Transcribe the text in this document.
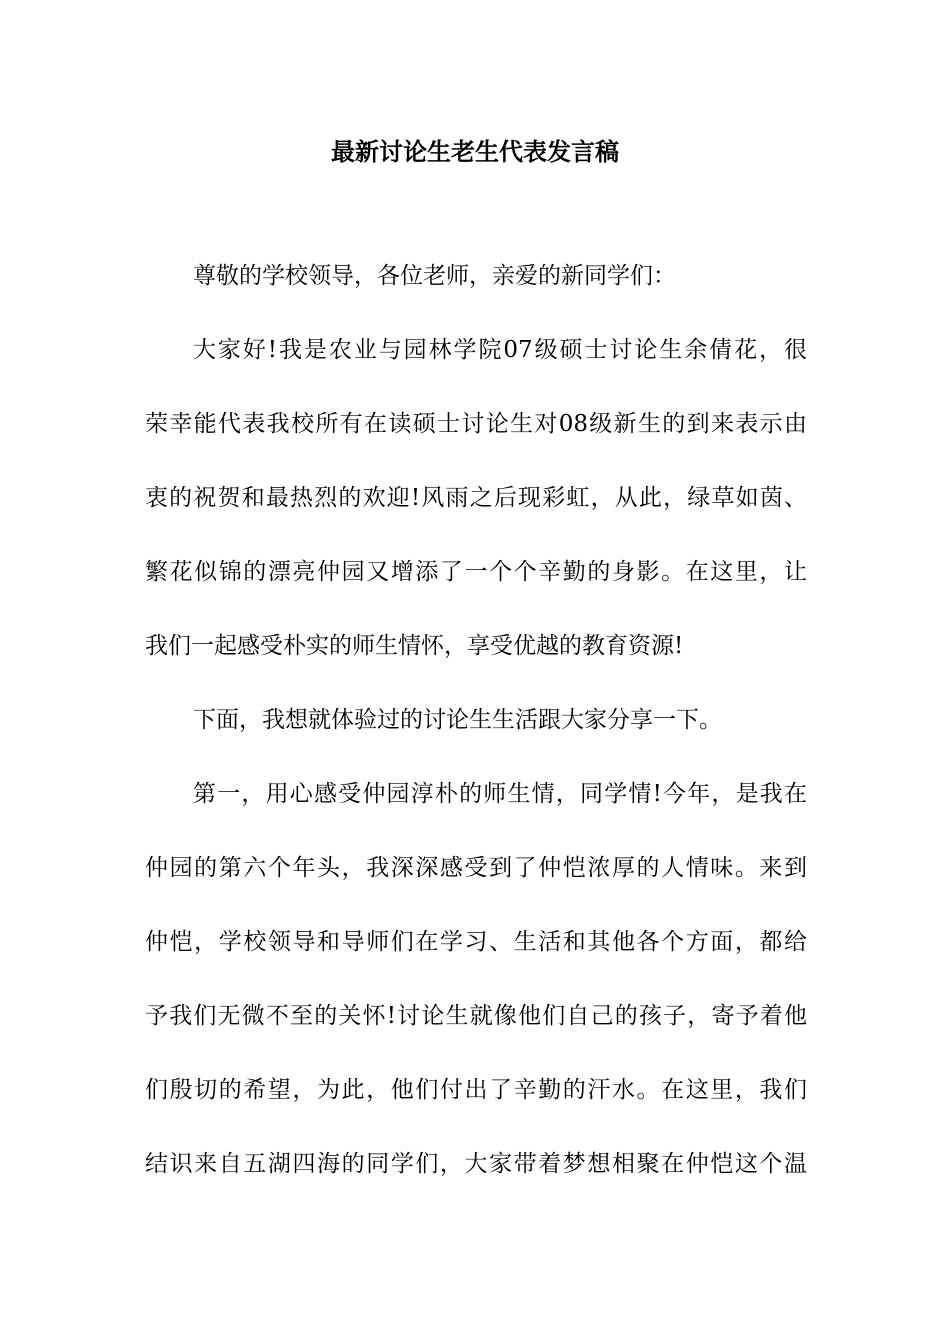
最新讨论生老生代表发言稿
尊敬的学校领导，各位老师，亲爱的新同学们：
大家好!我是农业与园林学院07级硕士讨论生余倩花，很
荣幸能代表我校所有在读硕士讨论生对08级新生的到来表示由
衷的祝贺和最热烈的欢迎!风雨之后现彩虹，从此，绿草如茵、
繁花似锦的漂亮仲园又增添了一个个辛勤的身影。在这里，让
我们一起感受朴实的师生情怀，享受优越的教育资源!
下面，我想就体验过的讨论生生活跟大家分享一下。
第一，用心感受仲园淳朴的师生情，同学情!今年，是我在
仲园的第六个年头，我深深感受到了仲恺浓厚的人情味。来到
仲恺，学校领导和导师们在学习、生活和其他各个方面，都给
予我们无微不至的关怀!讨论生就像他们自己的孩子，寄予着他
们殷切的希望，为此，他们付出了辛勤的汗水。在这里，我们
结识来自五湖四海的同学们，大家带着梦想相聚在仲恺这个温
